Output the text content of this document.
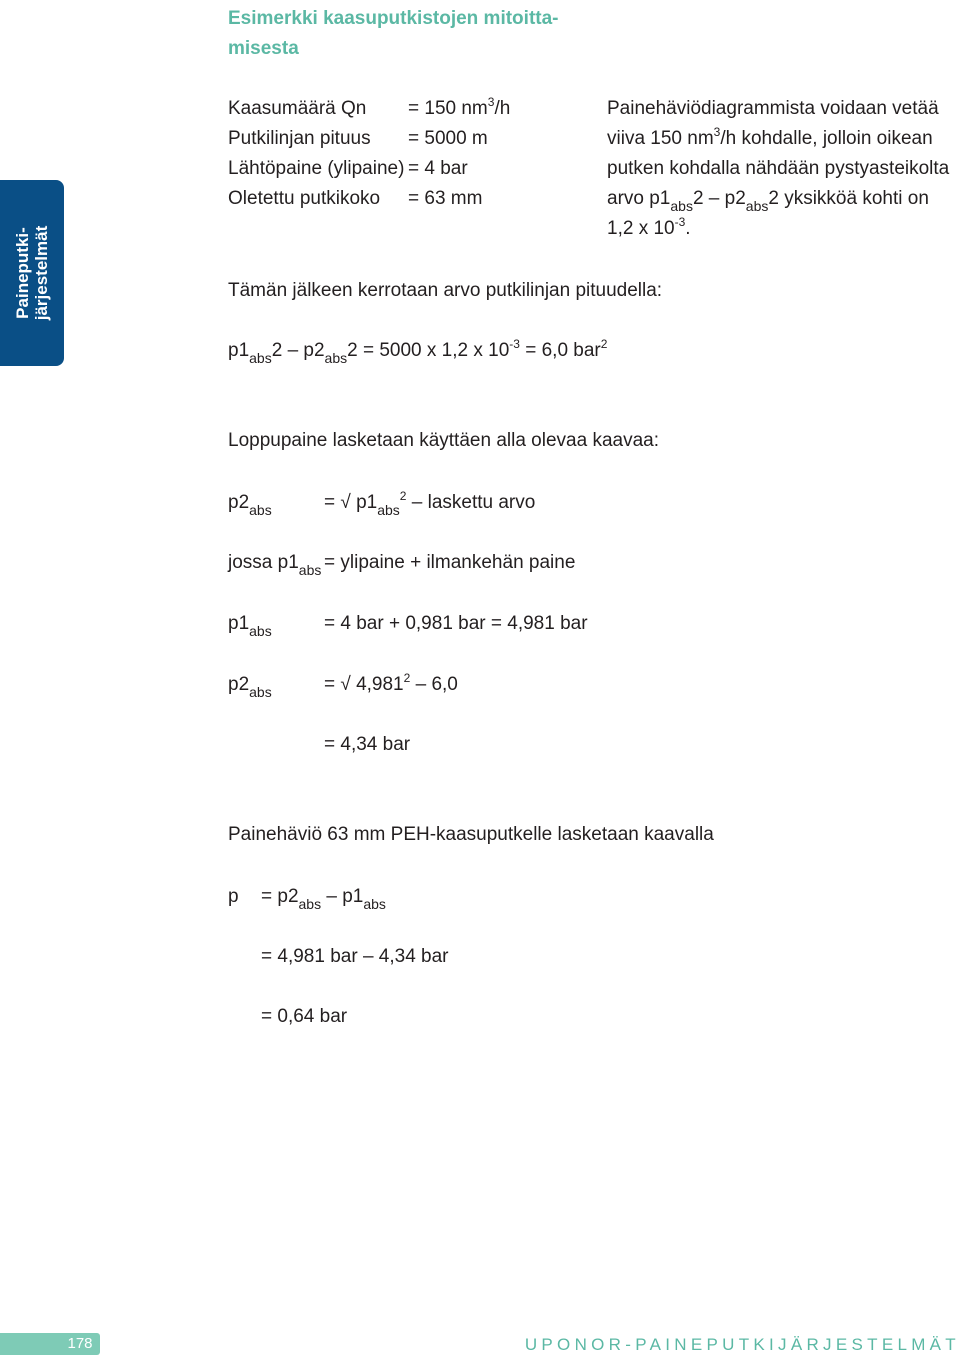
Esimerkki kaasuputkistojen mitoitta-
misesta
Paineputki- järjestelmät
Kaasumäärä Qn = 150 $nm^3/h$
Putkilinjan pituus = 5000 m
Lähtöpaine (ylipaine) = 4 bar
Oletettu putkikoko = 63 mm
Painehäviödiagrammista voidaan vetää
viiva 150 $nm^3/h$ kohdalle, jolloin oikean
putken kohdalla nähdään pystyasteikolta
arvo $p1_{abs}2 - p2_{abs}2$ yksikköä kohti on
1,2 x $10^{-3}$.
Tämän jälkeen kerrotaan arvo putkilinjan pituudella:
$p1_{abs}2 - p2_{abs}2 = 5000$ x 1,2 x $10^{-3} = 6,0$ bar$^2$
Loppupaine lasketaan käyttäen alla olevaa kaavaa:
$p2_{abs}$	= √ $p1_{abs}^2$ – laskettu arvo
jossa $p1_{abs}$ = ylipaine + ilmankehän paine
$p1_{abs}$	= 4 bar + 0,981 bar = 4,981 bar
$p2_{abs}$	= √ 4,981$^2$ – 6,0
= 4,34 bar
Painehäviö 63 mm PEH-kaasuputkelle lasketaan kaavalla
$p = p2_{abs} - p1_{abs}$
= 4,981 bar – 4,34 bar
= 0,64 bar
178	UPONOR-PAINEPUTKIJÄRJESTELMÄT
